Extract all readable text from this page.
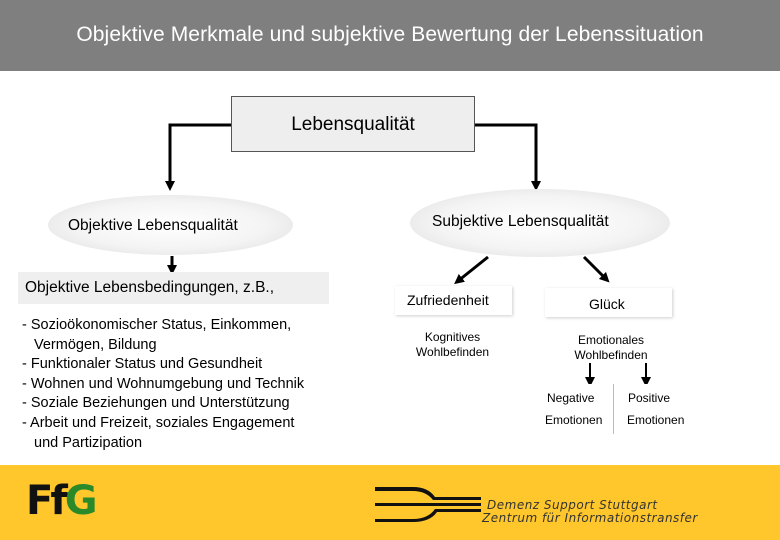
Objektive Merkmale und subjektive Bewertung der Lebenssituation
Lebensqualität
Objektive Lebensqualität	Subjektive Lebensqualität
Objektive Lebensbedingungen, z.B.,
- Sozioökonomischer Status, Einkommen,
Vermögen, Bildung
- Funktionaler Status und Gesundheit
- Wohnen und Wohnumgebung und Technik
- Soziale Beziehungen und Unterstützung
- Arbeit und Freizeit, soziales Engagement
und Partizipation
Zufriedenheit	Glück
Kognitives
Wohlbefinden
Emotionales
Wohlbefinden
Negative
Emotionen
Positive
Emotionen
FfG	Demenz Support Stuttgart
Zentrum für Informationstransfer
